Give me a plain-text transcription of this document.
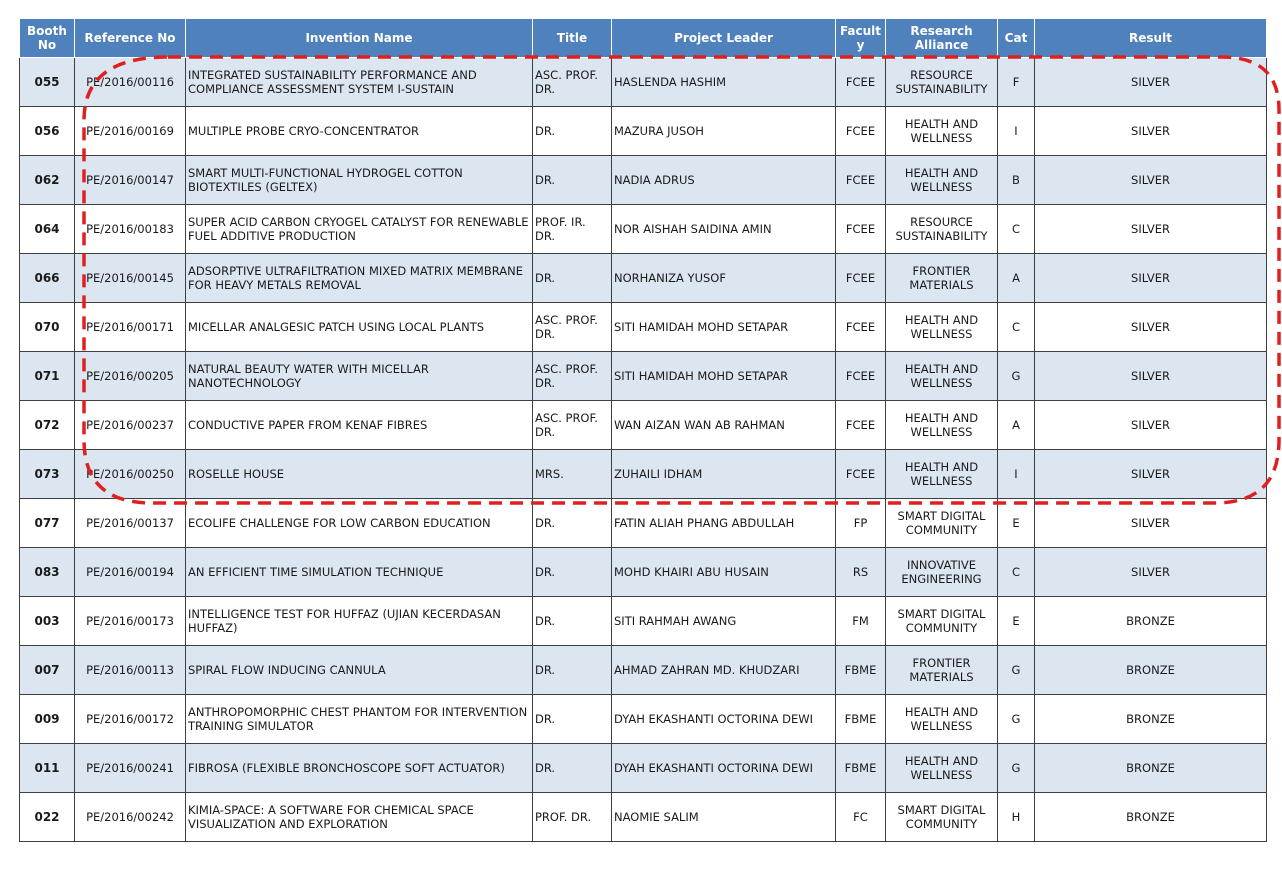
Booth No	Reference No	Invention Name	Title	Project Leader	Facult y	Research Alliance	Cat	Result
055	PE/2016/00116	INTEGRATED SUSTAINABILITY PERFORMANCE AND COMPLIANCE ASSESSMENT SYSTEM I-SUSTAIN	ASC. PROF. DR.	HASLENDA HASHIM	FCEE	RESOURCE SUSTAINABILITY	F	SILVER
056	PE/2016/00169	MULTIPLE PROBE CRYO-CONCENTRATOR	DR.	MAZURA JUSOH	FCEE	HEALTH AND WELLNESS	I	SILVER
062	PE/2016/00147	SMART MULTI-FUNCTIONAL HYDROGEL COTTON BIOTEXTILES (GELTEX)	DR.	NADIA ADRUS	FCEE	HEALTH AND WELLNESS	B	SILVER
064	PE/2016/00183	SUPER ACID CARBON CRYOGEL CATALYST FOR RENEWABLE FUEL ADDITIVE PRODUCTION	PROF. IR. DR.	NOR AISHAH SAIDINA AMIN	FCEE	RESOURCE SUSTAINABILITY	C	SILVER
066	PE/2016/00145	ADSORPTIVE ULTRAFILTRATION MIXED MATRIX MEMBRANE FOR HEAVY METALS REMOVAL	DR.	NORHANIZA YUSOF	FCEE	FRONTIER MATERIALS	A	SILVER
070	PE/2016/00171	MICELLAR ANALGESIC PATCH USING LOCAL PLANTS	ASC. PROF. DR.	SITI HAMIDAH MOHD SETAPAR	FCEE	HEALTH AND WELLNESS	C	SILVER
071	PE/2016/00205	NATURAL BEAUTY WATER WITH MICELLAR NANOTECHNOLOGY	ASC. PROF. DR.	SITI HAMIDAH MOHD SETAPAR	FCEE	HEALTH AND WELLNESS	G	SILVER
072	PE/2016/00237	CONDUCTIVE PAPER FROM KENAF FIBRES	ASC. PROF. DR.	WAN AIZAN WAN AB RAHMAN	FCEE	HEALTH AND WELLNESS	A	SILVER
073	PE/2016/00250	ROSELLE HOUSE	MRS.	ZUHAILI IDHAM	FCEE	HEALTH AND WELLNESS	I	SILVER
077	PE/2016/00137	ECOLIFE CHALLENGE FOR LOW CARBON EDUCATION	DR.	FATIN ALIAH PHANG ABDULLAH	FP	SMART DIGITAL COMMUNITY	E	SILVER
083	PE/2016/00194	AN EFFICIENT TIME SIMULATION TECHNIQUE	DR.	MOHD KHAIRI ABU HUSAIN	RS	INNOVATIVE ENGINEERING	C	SILVER
003	PE/2016/00173	INTELLIGENCE TEST FOR HUFFAZ (UJIAN KECERDASAN HUFFAZ)	DR.	SITI RAHMAH AWANG	FM	SMART DIGITAL COMMUNITY	E	BRONZE
007	PE/2016/00113	SPIRAL FLOW INDUCING CANNULA	DR.	AHMAD ZAHRAN MD. KHUDZARI	FBME	FRONTIER MATERIALS	G	BRONZE
009	PE/2016/00172	ANTHROPOMORPHIC CHEST PHANTOM FOR INTERVENTION TRAINING SIMULATOR	DR.	DYAH EKASHANTI OCTORINA DEWI	FBME	HEALTH AND WELLNESS	G	BRONZE
011	PE/2016/00241	FIBROSA (FLEXIBLE BRONCHOSCOPE SOFT ACTUATOR)	DR.	DYAH EKASHANTI OCTORINA DEWI	FBME	HEALTH AND WELLNESS	G	BRONZE
022	PE/2016/00242	KIMIA-SPACE: A SOFTWARE FOR CHEMICAL SPACE VISUALIZATION AND EXPLORATION	PROF. DR.	NAOMIE SALIM	FC	SMART DIGITAL COMMUNITY	H	BRONZE
